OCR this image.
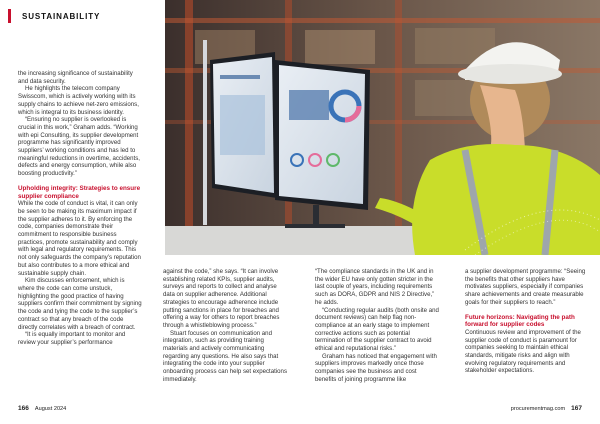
SUSTAINABILITY

the increasing significance of sustainability and data security.

He highlights the telecom company Swisscom, which is actively working with its supply chains to achieve net-zero emissions, which is integral to its business identity.

“Ensuring no supplier is overlooked is crucial in this work,” Graham adds. “Working with epi Consulting, its supplier development programme has significantly improved suppliers’ working conditions and has led to meaningful reductions in overtime, accidents, defects and energy consumption, while also boosting productivity.”

Upholding integrity: Strategies to ensure supplier compliance

While the code of conduct is vital, it can only be seen to be making its maximum impact if the supplier adheres to it. By enforcing the code, companies demonstrate their commitment to responsible business practices, promote sustainability and comply with legal and regulatory requirements. This not only safeguards the company’s reputation but also contributes to a more ethical and sustainable supply chain.

Kim discusses enforcement, which is where the code can come unstuck, highlighting the good practice of having suppliers confirm their commitment by signing the code and tying the code to the supplier’s contract so that any breach of the code directly correlates with a breach of contract.

“It is equally important to monitor and review your supplier’s performance

against the code,” she says. “It can involve establishing related KPIs, supplier audits, surveys and reports to collect and analyse data on supplier adherence. Additional strategies to encourage adherence include putting sanctions in place for breaches and offering a way for others to report breaches through a whistleblowing process.”

Stuart focuses on communication and integration, such as providing training materials and actively communicating regarding any questions. He also says that integrating the code into your supplier onboarding process can help set expectations immediately.

“The compliance standards in the UK and in the wider EU have only gotten stricter in the last couple of years, including requirements such as DORA, GDPR and NIS 2 Directive,” he adds.

“Conducting regular audits (both onsite and document reviews) can help flag non-compliance at an early stage to implement corrective actions such as potential termination of the supplier contract to avoid ethical and reputational risks.”

Graham has noticed that engagement with suppliers improves markedly once those companies see the business and cost benefits of joining programme like

a supplier development programme: “Seeing the benefits that other suppliers have motivates suppliers, especially if companies share achievements and create measurable goals for their suppliers to reach.”

Future horizons: Navigating the path forward for supplier codes

Continuous review and improvement of the supplier code of conduct is paramount for companies seeking to maintain ethical standards, mitigate risks and align with evolving regulatory requirements and stakeholder expectations.

166 August 2024	procurementmag.com 167
